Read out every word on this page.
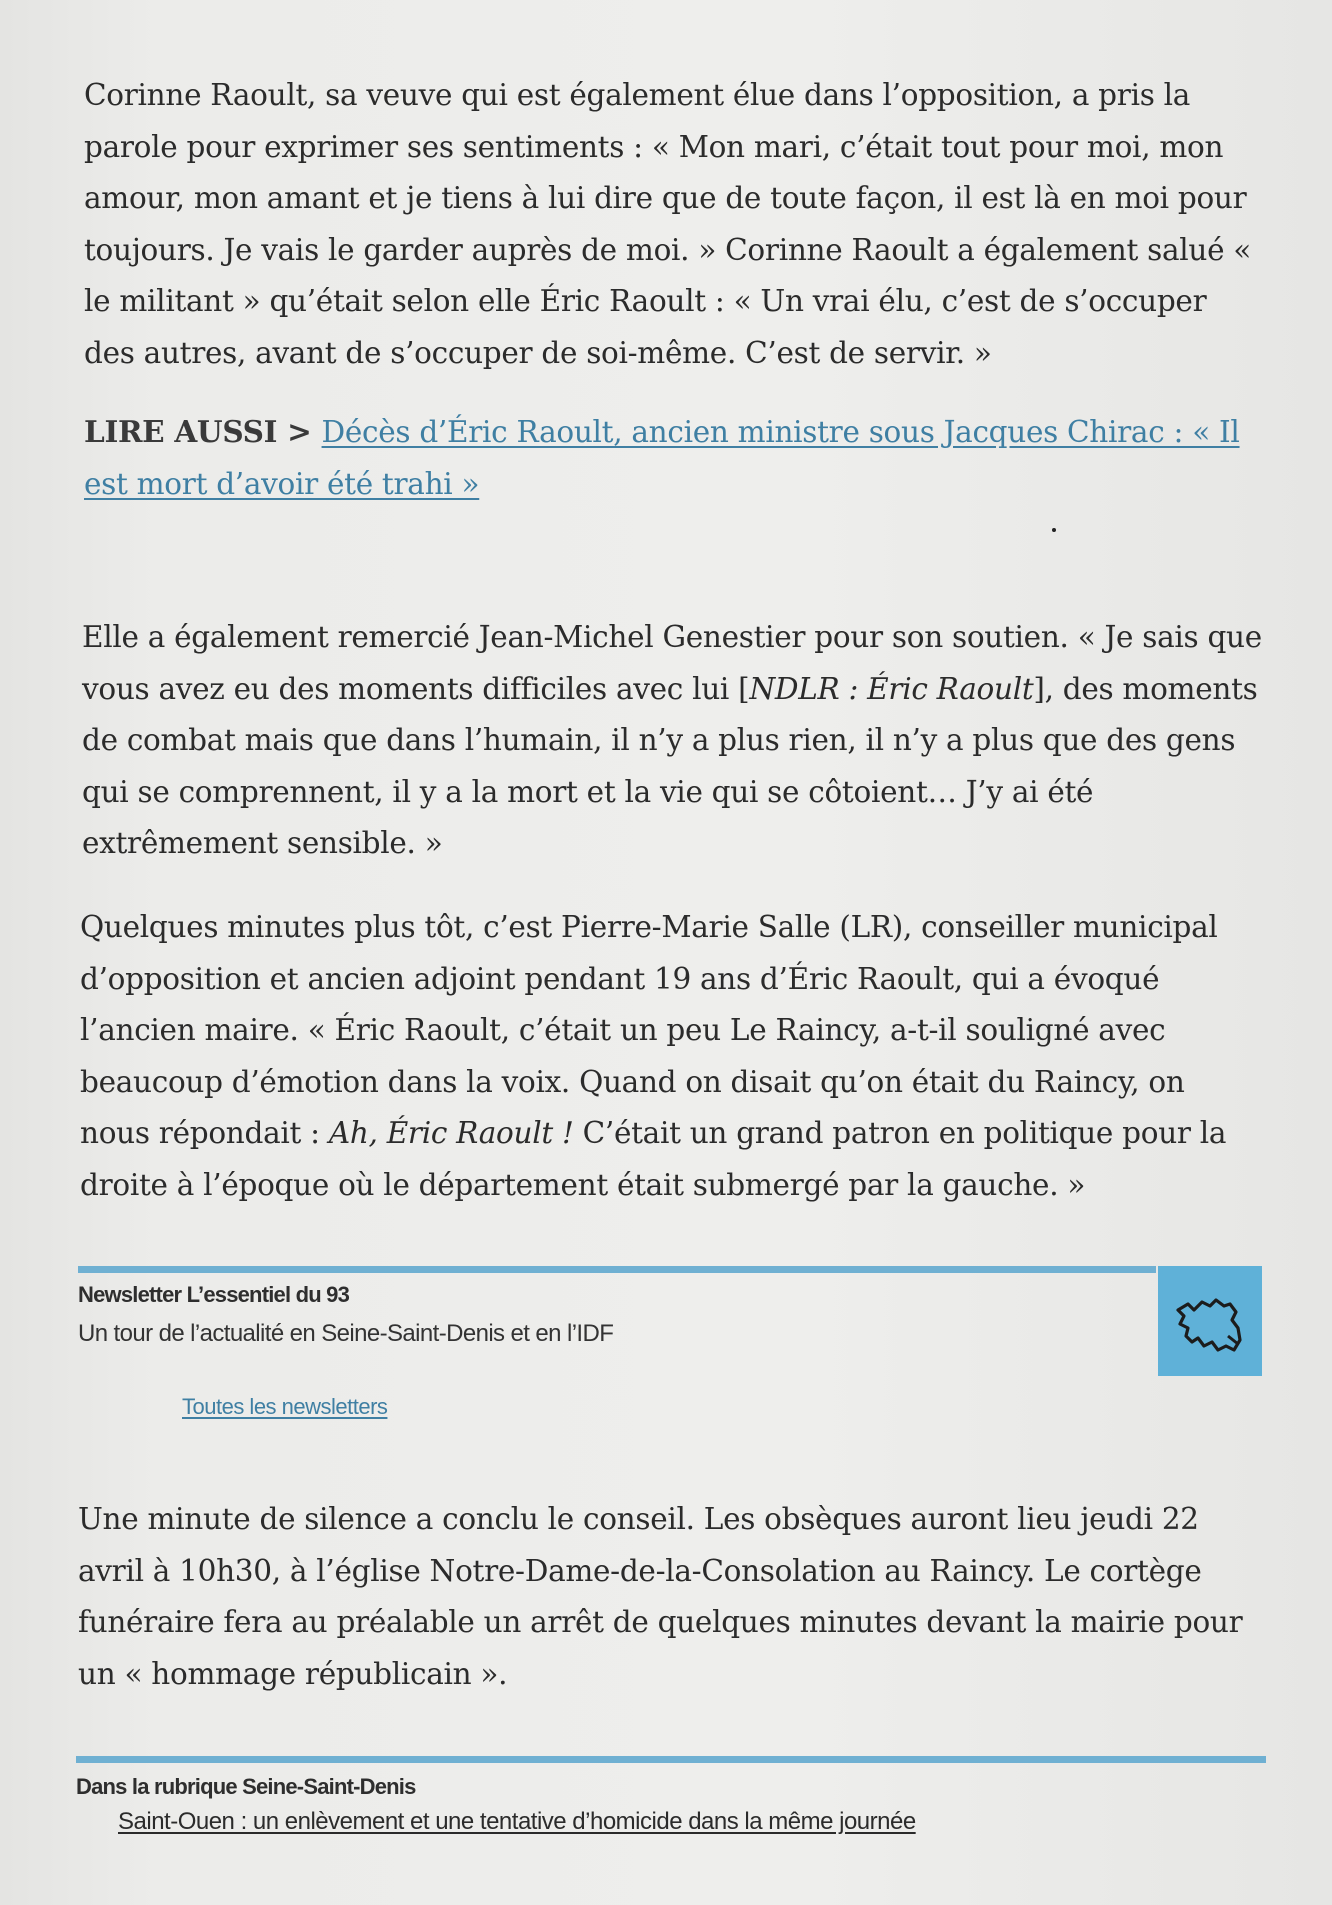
Corinne Raoult, sa veuve qui est également élue dans l’opposition, a pris la parole pour exprimer ses sentiments : « Mon mari, c’était tout pour moi, mon amour, mon amant et je tiens à lui dire que de toute façon, il est là en moi pour toujours. Je vais le garder auprès de moi. » Corinne Raoult a également salué « le militant » qu’était selon elle Éric Raoult : « Un vrai élu, c’est de s’occuper des autres, avant de s’occuper de soi-même. C’est de servir. »

LIRE AUSSI > Décès d’Éric Raoult, ancien ministre sous Jacques Chirac : « Il est mort d’avoir été trahi »

Elle a également remercié Jean-Michel Genestier pour son soutien. « Je sais que vous avez eu des moments difficiles avec lui [NDLR : Éric Raoult], des moments de combat mais que dans l’humain, il n’y a plus rien, il n’y a plus que des gens qui se comprennent, il y a la mort et la vie qui se côtoient… J’y ai été extrêmement sensible. »

Quelques minutes plus tôt, c’est Pierre-Marie Salle (LR), conseiller municipal d’opposition et ancien adjoint pendant 19 ans d’Éric Raoult, qui a évoqué l’ancien maire. « Éric Raoult, c’était un peu Le Raincy, a-t-il souligné avec beaucoup d’émotion dans la voix. Quand on disait qu’on était du Raincy, on nous répondait : Ah, Éric Raoult ! C’était un grand patron en politique pour la droite à l’époque où le département était submergé par la gauche. »

Newsletter L’essentiel du 93
Un tour de l’actualité en Seine-Saint-Denis et en l’IDF
Toutes les newsletters

Une minute de silence a conclu le conseil. Les obsèques auront lieu jeudi 22 avril à 10h30, à l’église Notre-Dame-de-la-Consolation au Raincy. Le cortège funéraire fera au préalable un arrêt de quelques minutes devant la mairie pour un « hommage républicain ».

Dans la rubrique Seine-Saint-Denis
Saint-Ouen : un enlèvement et une tentative d’homicide dans la même journée
